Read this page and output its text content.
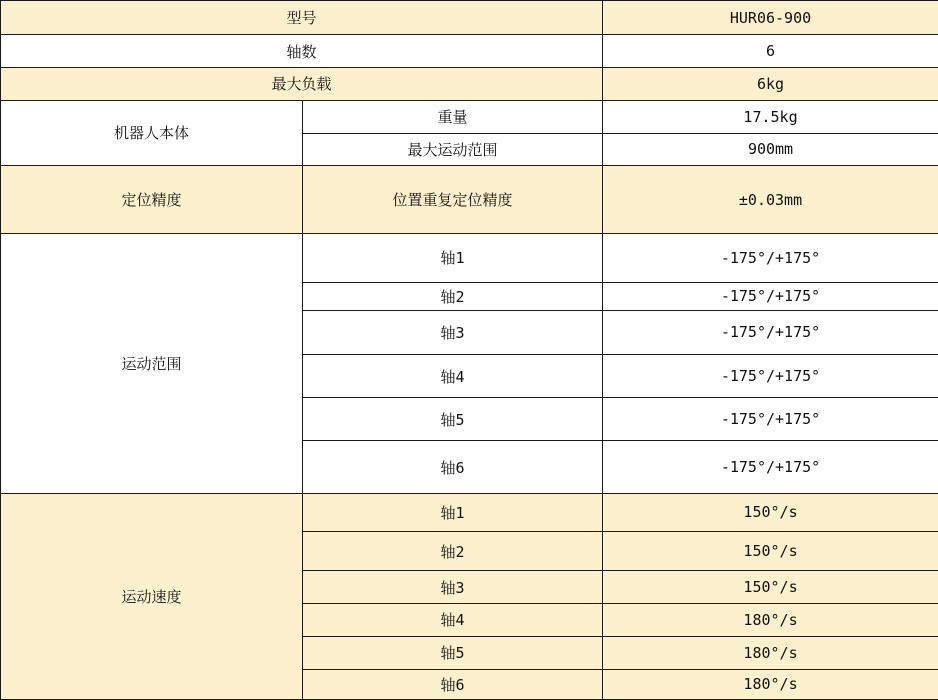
型号		HUR06-900
轴数		6
最大负载		6kg
机器人本体	重量	17.5kg
	最大运动范围	900mm
定位精度	位置重复定位精度	±0.03mm
运动范围	轴1	-175°/+175°
	轴2	-175°/+175°
	轴3	-175°/+175°
	轴4	-175°/+175°
	轴5	-175°/+175°
	轴6	-175°/+175°
运动速度	轴1	150°/s
	轴2	150°/s
	轴3	150°/s
	轴4	180°/s
	轴5	180°/s
	轴6	180°/s
